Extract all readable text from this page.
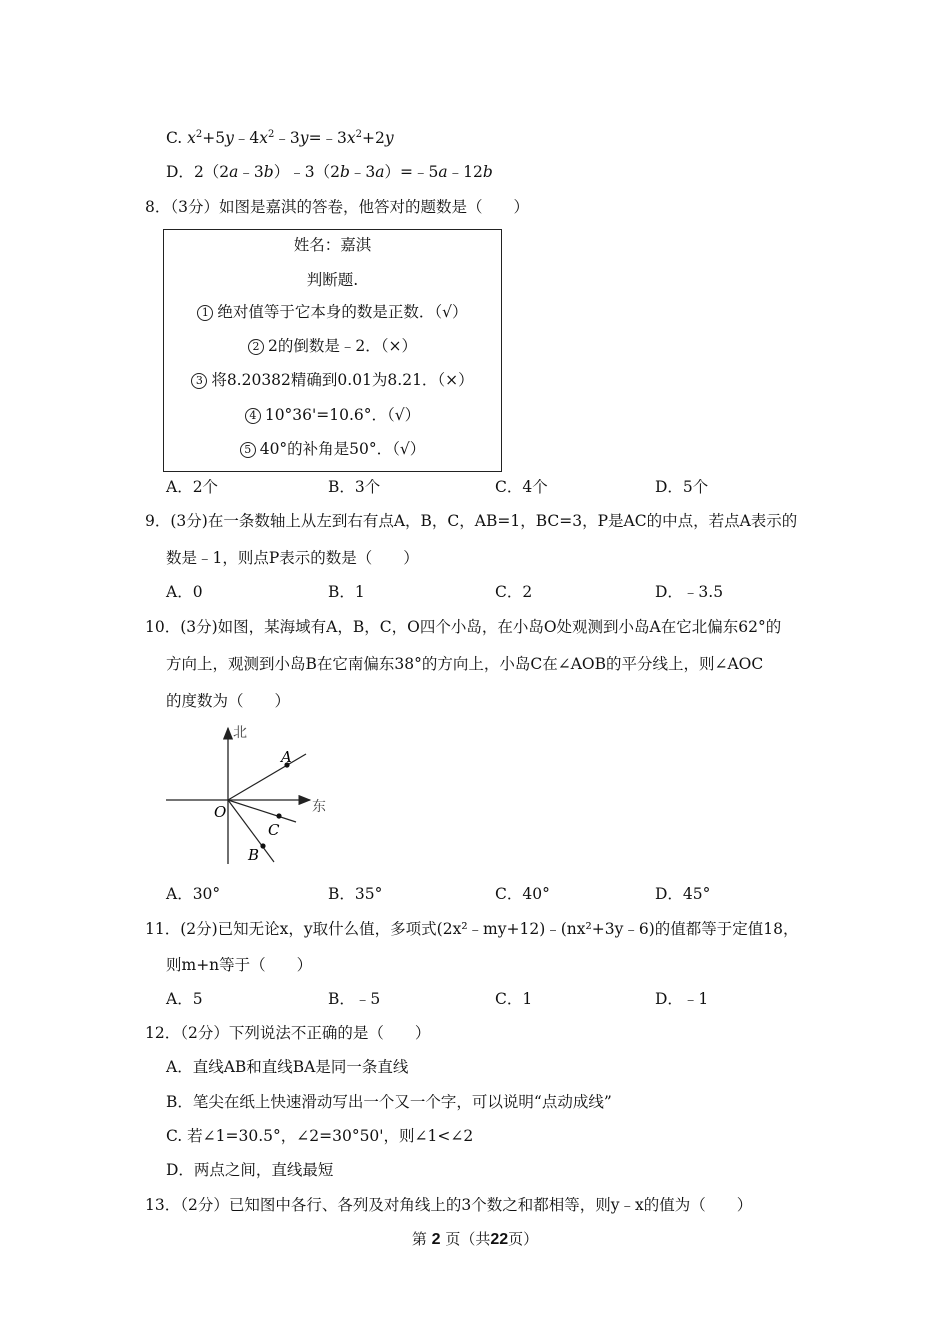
C. $x^2+5y﹣4x^2﹣3y=﹣3x^2+2y$
D．2（2a﹣3b）﹣3（2b﹣3a）=﹣5a﹣12b
8．（3分）如图是嘉淇的答卷，他答对的题数是（　　）
姓名：嘉淇
判断题.
1 绝对值等于它本身的数是正数．（√）
2 2的倒数是﹣2．（×）
3 将8.20382精确到0.01为8.21．（×）
4 10°36'=10.6°．（√）
5 40°的补角是50°．（√）
A．2个	B．3个	C．4个	D．5个
9．(3分)在一条数轴上从左到右有点A，B，C，AB=1，BC=3，P是AC的中点，若点A表示的
数是﹣1，则点P表示的数是（　　）
A．0	B．1	C．2	D．﹣3.5
10．(3分)如图，某海域有A，B，C，O四个小岛，在小岛O处观测到小岛A在它北偏东62°的
方向上，观测到小岛B在它南偏东38°的方向上，小岛C在∠AOB的平分线上，则∠AOC
的度数为（　　）
北
东
O
A
C
B
A．30°	B．35°	C．40°	D．45°
11．(2分)已知无论x，y取什么值，多项式(2x²﹣my+12)﹣(nx²+3y﹣6)的值都等于定值18，
则m+n等于（　　）
A．5	B．﹣5	C．1	D．﹣1
12．（2分）下列说法不正确的是（　　）
A．直线AB和直线BA是同一条直线
B．笔尖在纸上快速滑动写出一个又一个字，可以说明“点动成线”
C. 若∠1=30.5°，∠2=30°50'，则∠1<∠2
D．两点之间，直线最短
13．（2分）已知图中各行、各列及对角线上的3个数之和都相等，则y﹣x的值为（　　）
第 2 页（共22页）
